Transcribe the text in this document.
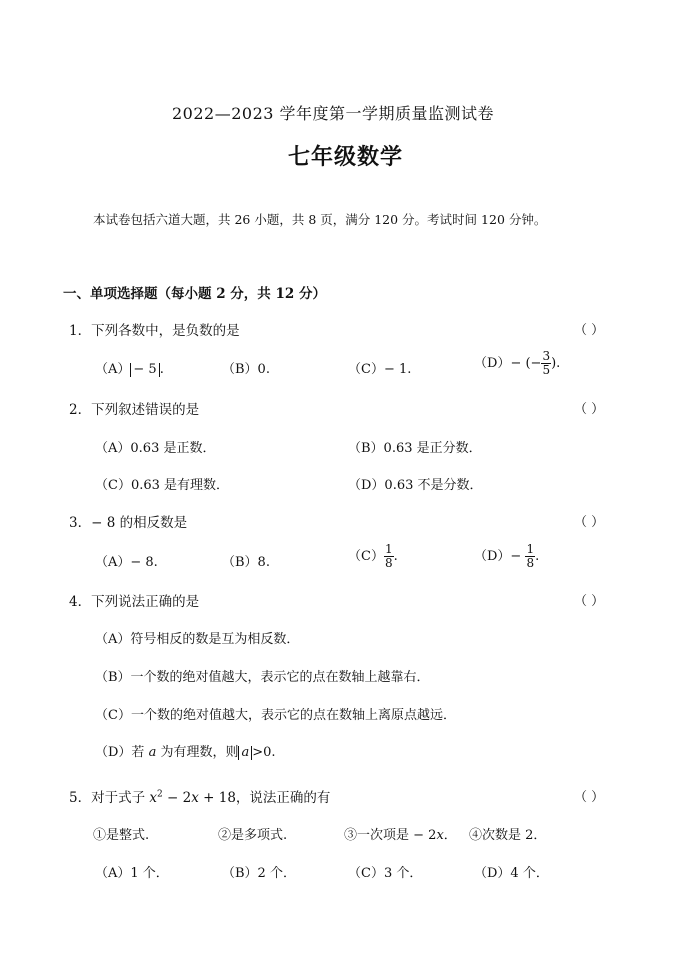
2022—2023 学年度第一学期质量监测试卷
七年级数学
本试卷包括六道大题，共 26 小题，共 8 页，满分 120 分。考试时间 120 分钟。
一、单项选择题（每小题 2 分，共 12 分）
1．下列各数中，是负数的是	（ ）
（A） − 5 .	（B）0.	（C）− 1.	（D）− (− $\frac{3}{5}$ ).
2．下列叙述错误的是	（ ）
（A）0.63 是正数．	（B）0.63 是正分数．
（C）0.63 是有理数．	（D）0.63 不是分数．
3．− 8 的相反数是	（ ）
（A）− 8.	（B）8.	$(C) \frac{1}{8}$ .	$(D)- \frac{1}{8}$ .
4．下列说法正确的是	（ ）
（A）符号相反的数是互为相反数．
（B）一个数的绝对值越大，表示它的点在数轴上越靠右．
（C）一个数的绝对值越大，表示它的点在数轴上离原点越远．
（D）若 a 为有理数，则 a >0.
5．对于式子 $x^2 - 2x + 18$，说法正确的有	（ ）
①是整式.	②是多项式.	③一次项是 − 2x． ④次数是 2．
（A）1 个．	（B）2 个．	（C）3 个．	（D）4 个．
